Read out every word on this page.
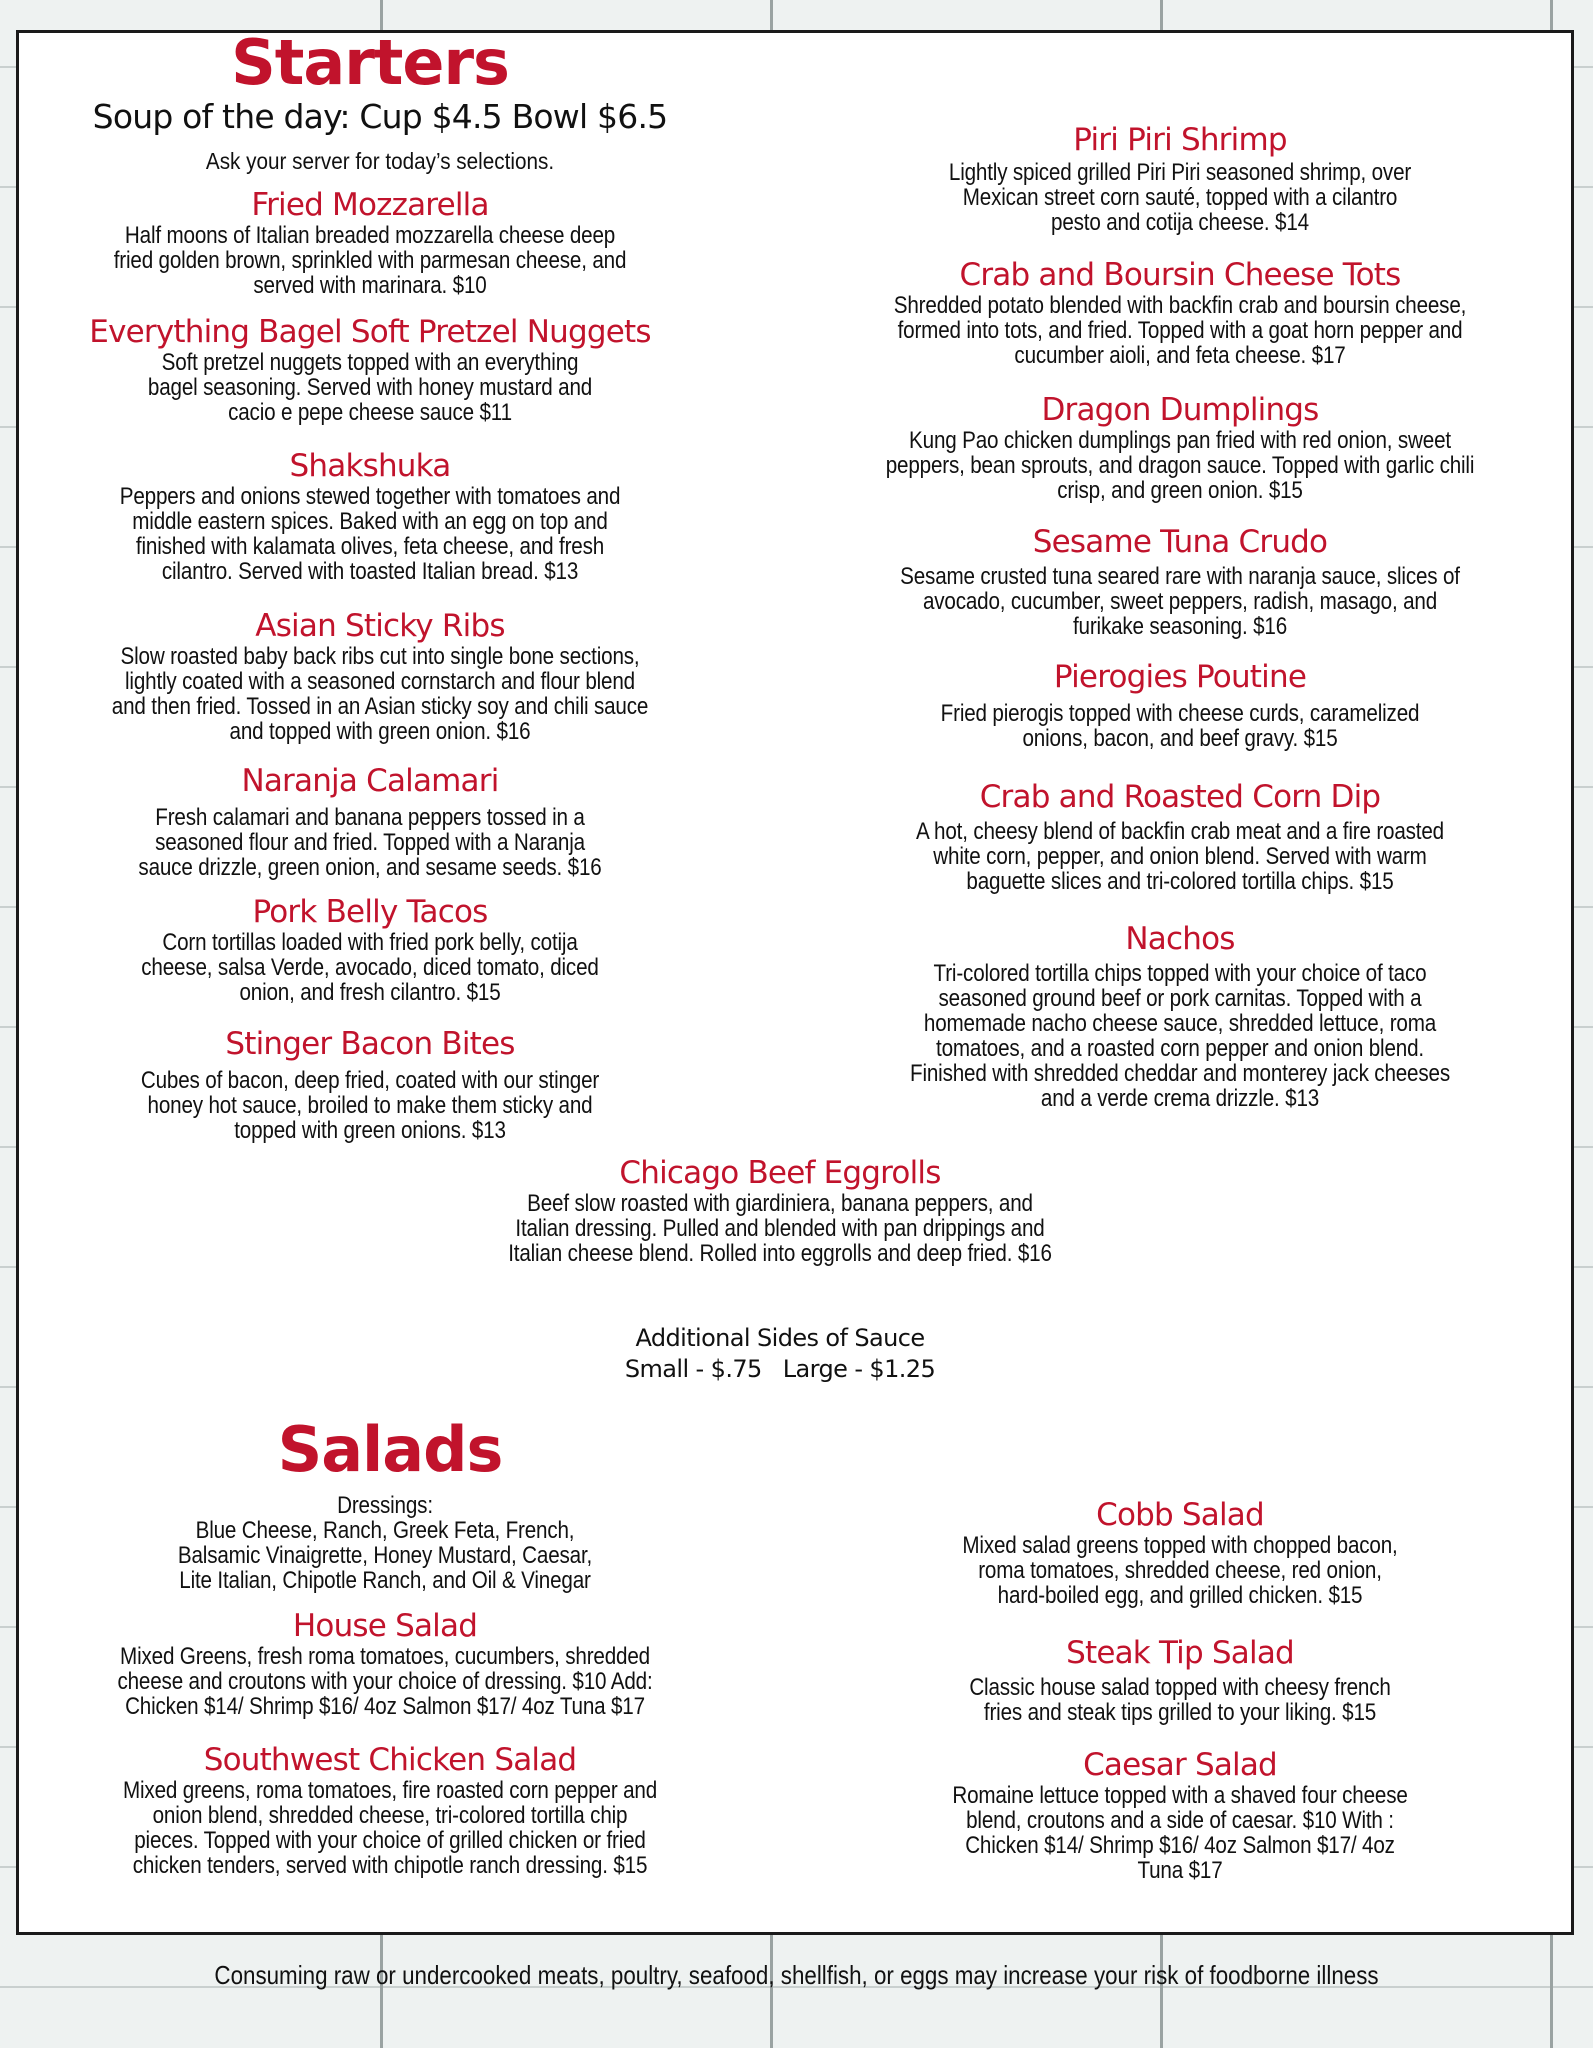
Starters
Soup of the day: Cup $4.5 Bowl $6.5
Ask your server for today’s selections.
Fried Mozzarella
Half moons of Italian breaded mozzarella cheese deep
fried golden brown, sprinkled with parmesan cheese, and
served with marinara. $10
Everything Bagel Soft Pretzel Nuggets
Soft pretzel nuggets topped with an everything
bagel seasoning. Served with honey mustard and
cacio e pepe cheese sauce $11
Shakshuka
Peppers and onions stewed together with tomatoes and
middle eastern spices. Baked with an egg on top and
finished with kalamata olives, feta cheese, and fresh
cilantro. Served with toasted Italian bread. $13
Asian Sticky Ribs
Slow roasted baby back ribs cut into single bone sections,
lightly coated with a seasoned cornstarch and flour blend
and then fried. Tossed in an Asian sticky soy and chili sauce
and topped with green onion. $16
Naranja Calamari
Fresh calamari and banana peppers tossed in a
seasoned flour and fried. Topped with a Naranja
sauce drizzle, green onion, and sesame seeds. $16
Pork Belly Tacos
Corn tortillas loaded with fried pork belly, cotija
cheese, salsa Verde, avocado, diced tomato, diced
onion, and fresh cilantro. $15
Stinger Bacon Bites
Cubes of bacon, deep fried, coated with our stinger
honey hot sauce, broiled to make them sticky and
topped with green onions. $13
Piri Piri Shrimp
Lightly spiced grilled Piri Piri seasoned shrimp, over
Mexican street corn sauté, topped with a cilantro
pesto and cotija cheese. $14
Crab and Boursin Cheese Tots
Shredded potato blended with backfin crab and boursin cheese,
formed into tots, and fried. Topped with a goat horn pepper and
cucumber aioli, and feta cheese. $17
Dragon Dumplings
Kung Pao chicken dumplings pan fried with red onion, sweet
peppers, bean sprouts, and dragon sauce. Topped with garlic chili
crisp, and green onion. $15
Sesame Tuna Crudo
Sesame crusted tuna seared rare with naranja sauce, slices of
avocado, cucumber, sweet peppers, radish, masago, and
furikake seasoning. $16
Pierogies Poutine
Fried pierogis topped with cheese curds, caramelized
onions, bacon, and beef gravy. $15
Crab and Roasted Corn Dip
A hot, cheesy blend of backfin crab meat and a fire roasted
white corn, pepper, and onion blend. Served with warm
baguette slices and tri-colored tortilla chips. $15
Nachos
Tri-colored tortilla chips topped with your choice of taco
seasoned ground beef or pork carnitas. Topped with a
homemade nacho cheese sauce, shredded lettuce, roma
tomatoes, and a roasted corn pepper and onion blend.
Finished with shredded cheddar and monterey jack cheeses
and a verde crema drizzle. $13
Chicago Beef Eggrolls
Beef slow roasted with giardiniera, banana peppers, and
Italian dressing. Pulled and blended with pan drippings and
Italian cheese blend. Rolled into eggrolls and deep fried. $16
Additional Sides of Sauce
Small - $.75   Large - $1.25
Salads
Dressings:
Blue Cheese, Ranch, Greek Feta, French,
Balsamic Vinaigrette, Honey Mustard, Caesar,
Lite Italian, Chipotle Ranch, and Oil & Vinegar
House Salad
Mixed Greens, fresh roma tomatoes, cucumbers, shredded
cheese and croutons with your choice of dressing. $10 Add:
Chicken $14/ Shrimp $16/ 4oz Salmon $17/ 4oz Tuna $17
Southwest Chicken Salad
Mixed greens, roma tomatoes, fire roasted corn pepper and
onion blend, shredded cheese, tri-colored tortilla chip
pieces. Topped with your choice of grilled chicken or fried
chicken tenders, served with chipotle ranch dressing. $15
Cobb Salad
Mixed salad greens topped with chopped bacon,
roma tomatoes, shredded cheese, red onion,
hard-boiled egg, and grilled chicken. $15
Steak Tip Salad
Classic house salad topped with cheesy french
fries and steak tips grilled to your liking. $15
Caesar Salad
Romaine lettuce topped with a shaved four cheese
blend, croutons and a side of caesar. $10 With :
Chicken $14/ Shrimp $16/ 4oz Salmon $17/ 4oz
Tuna $17
Consuming raw or undercooked meats, poultry, seafood, shellfish, or eggs may increase your risk of foodborne illness
